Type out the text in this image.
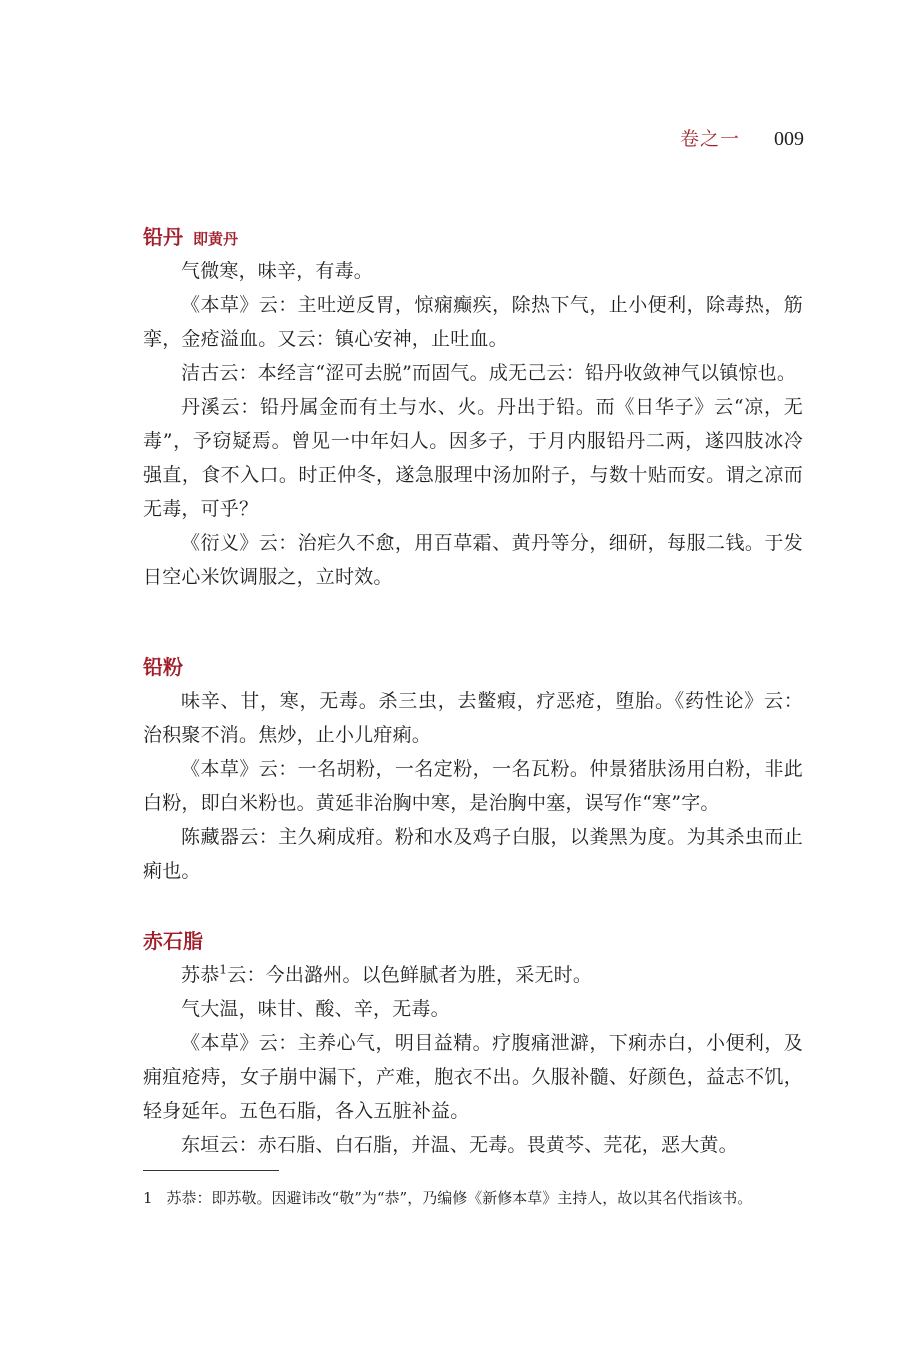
卷之一 009
铅丹 即黄丹

气微寒，味辛，有毒。

《本草》云：主吐逆反胃，惊痫癫疾，除热下气，止小便利，除毒热，筋挛，金疮溢血。又云：镇心安神，止吐血。

洁古云：本经言“涩可去脱”而固气。成无己云：铅丹收敛神气以镇惊也。

丹溪云：铅丹属金而有土与水、火。丹出于铅。而《日华子》云“凉，无毒”，予窃疑焉。曾见一中年妇人。因多子，于月内服铅丹二两，遂四肢冰冷强直，食不入口。时正仲冬，遂急服理中汤加附子，与数十贴而安。谓之凉而无毒，可乎？

《衍义》云：治疟久不愈，用百草霜、黄丹等分，细研，每服二钱。于发日空心米饮调服之，立时效。

铅粉

味辛、甘，寒，无毒。杀三虫，去鳖瘕，疗恶疮，堕胎。《药性论》云：治积聚不消。焦炒，止小儿疳痢。

《本草》云：一名胡粉，一名定粉，一名瓦粉。仲景猪肤汤用白粉，非此白粉，即白米粉也。黄延非治胸中寒，是治胸中塞，误写作“寒”字。

陈藏器云：主久痢成疳。粉和水及鸡子白服，以粪黑为度。为其杀虫而止痢也。

赤石脂

苏恭$^1$云：今出潞州。以色鲜腻者为胜，采无时。

气大温，味甘、酸、辛，无毒。

《本草》云：主养心气，明目益精。疗腹痛泄澼，下痢赤白，小便利，及痈疽疮痔，女子崩中漏下，产难，胞衣不出。久服补髓、好颜色，益志不饥，轻身延年。五色石脂，各入五脏补益。

东垣云：赤石脂、白石脂，并温、无毒。畏黄芩、芫花，恶大黄。

1 苏恭：即苏敬。因避讳改“敬”为“恭”，乃编修《新修本草》主持人，故以其名代指该书。
